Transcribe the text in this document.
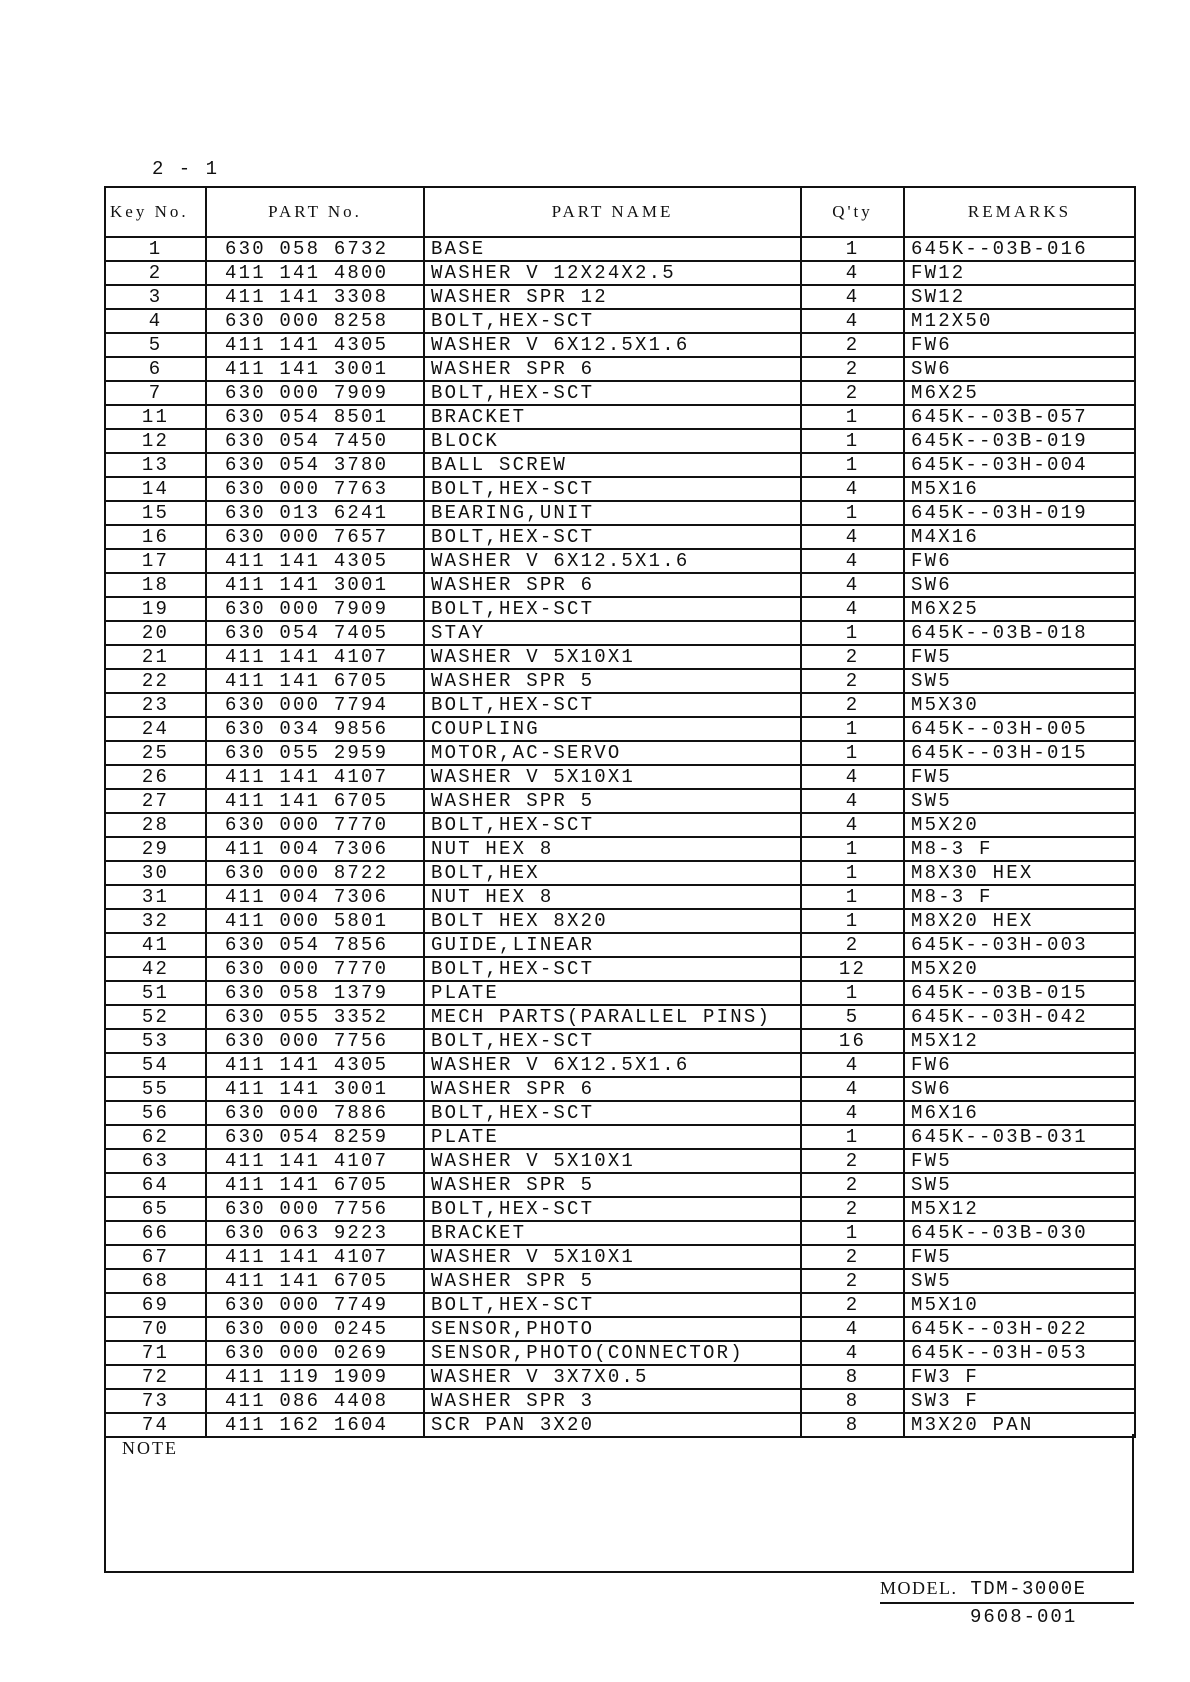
2 - 1
Key No.	PART No.	PART NAME	Q'ty	REMARKS
1	630 058 6732	BASE	1	645K--03B-016
2	411 141 4800	WASHER V 12X24X2.5	4	FW12
3	411 141 3308	WASHER SPR 12	4	SW12
4	630 000 8258	BOLT,HEX-SCT	4	M12X50
5	411 141 4305	WASHER V 6X12.5X1.6	2	FW6
6	411 141 3001	WASHER SPR 6	2	SW6
7	630 000 7909	BOLT,HEX-SCT	2	M6X25
11	630 054 8501	BRACKET	1	645K--03B-057
12	630 054 7450	BLOCK	1	645K--03B-019
13	630 054 3780	BALL SCREW	1	645K--03H-004
14	630 000 7763	BOLT,HEX-SCT	4	M5X16
15	630 013 6241	BEARING,UNIT	1	645K--03H-019
16	630 000 7657	BOLT,HEX-SCT	4	M4X16
17	411 141 4305	WASHER V 6X12.5X1.6	4	FW6
18	411 141 3001	WASHER SPR 6	4	SW6
19	630 000 7909	BOLT,HEX-SCT	4	M6X25
20	630 054 7405	STAY	1	645K--03B-018
21	411 141 4107	WASHER V 5X10X1	2	FW5
22	411 141 6705	WASHER SPR 5	2	SW5
23	630 000 7794	BOLT,HEX-SCT	2	M5X30
24	630 034 9856	COUPLING	1	645K--03H-005
25	630 055 2959	MOTOR,AC-SERVO	1	645K--03H-015
26	411 141 4107	WASHER V 5X10X1	4	FW5
27	411 141 6705	WASHER SPR 5	4	SW5
28	630 000 7770	BOLT,HEX-SCT	4	M5X20
29	411 004 7306	NUT HEX 8	1	M8-3 F
30	630 000 8722	BOLT,HEX	1	M8X30 HEX
31	411 004 7306	NUT HEX 8	1	M8-3 F
32	411 000 5801	BOLT HEX 8X20	1	M8X20 HEX
41	630 054 7856	GUIDE,LINEAR	2	645K--03H-003
42	630 000 7770	BOLT,HEX-SCT	12	M5X20
51	630 058 1379	PLATE	1	645K--03B-015
52	630 055 3352	MECH PARTS(PARALLEL PINS)	5	645K--03H-042
53	630 000 7756	BOLT,HEX-SCT	16	M5X12
54	411 141 4305	WASHER V 6X12.5X1.6	4	FW6
55	411 141 3001	WASHER SPR 6	4	SW6
56	630 000 7886	BOLT,HEX-SCT	4	M6X16
62	630 054 8259	PLATE	1	645K--03B-031
63	411 141 4107	WASHER V 5X10X1	2	FW5
64	411 141 6705	WASHER SPR 5	2	SW5
65	630 000 7756	BOLT,HEX-SCT	2	M5X12
66	630 063 9223	BRACKET	1	645K--03B-030
67	411 141 4107	WASHER V 5X10X1	2	FW5
68	411 141 6705	WASHER SPR 5	2	SW5
69	630 000 7749	BOLT,HEX-SCT	2	M5X10
70	630 000 0245	SENSOR,PHOTO	4	645K--03H-022
71	630 000 0269	SENSOR,PHOTO(CONNECTOR)	4	645K--03H-053
72	411 119 1909	WASHER V 3X7X0.5	8	FW3 F
73	411 086 4408	WASHER SPR 3	8	SW3 F
74	411 162 1604	SCR PAN 3X20	8	M3X20 PAN
NOTE
MODEL. TDM-3000E
9608-001
